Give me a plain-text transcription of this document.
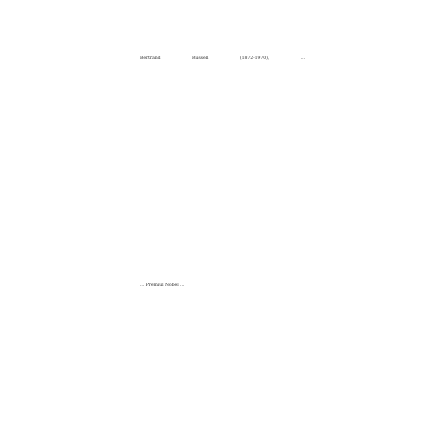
Bertrand Russell (1872-1970), ...
... Premiul Nobel ...
